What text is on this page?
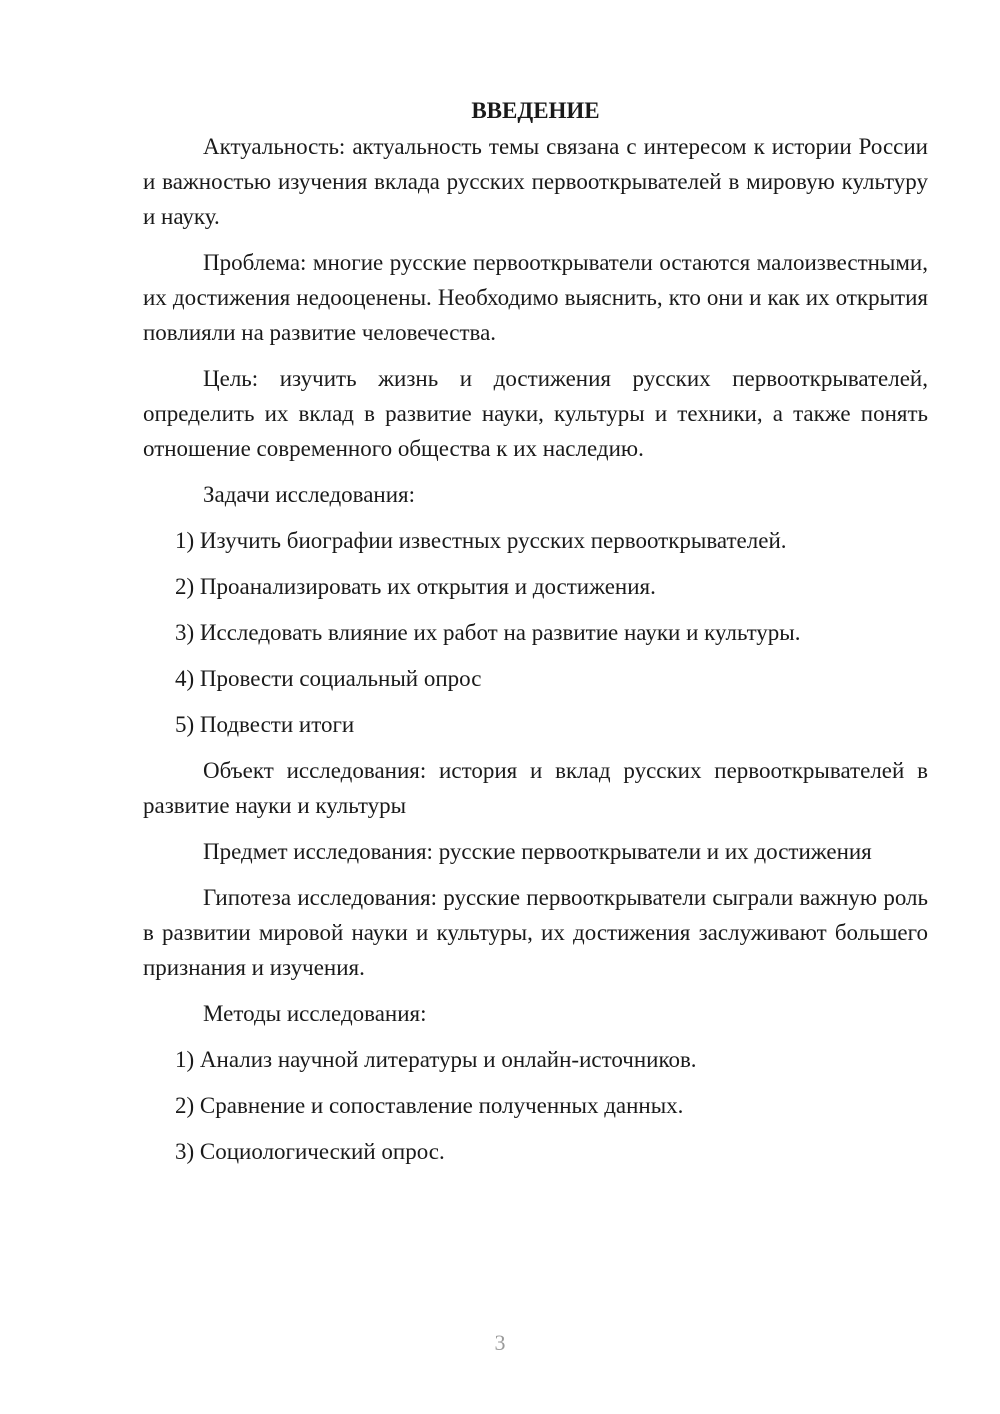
ВВЕДЕНИЕ
Актуальность: актуальность темы связана с интересом к истории России и важностью изучения вклада русских первооткрывателей в мировую культуру и науку.
Проблема: многие русские первооткрыватели остаются малоизвестными, их достижения недооценены. Необходимо выяснить, кто они и как их открытия повлияли на развитие человечества.
Цель: изучить жизнь и достижения русских первооткрывателей, определить их вклад в развитие науки, культуры и техники, а также понять отношение современного общества к их наследию.
Задачи исследования:
1) Изучить биографии известных русских первооткрывателей.
2) Проанализировать их открытия и достижения.
3) Исследовать влияние их работ на развитие науки и культуры.
4) Провести социальный опрос
5) Подвести итоги
Объект исследования: история и вклад русских первооткрывателей в развитие науки и культуры
Предмет исследования: русские первооткрыватели и их достижения
Гипотеза исследования: русские первооткрыватели сыграли важную роль в развитии мировой науки и культуры, их достижения заслуживают большего признания и изучения.
Методы исследования:
1) Анализ научной литературы и онлайн-источников.
2) Сравнение и сопоставление полученных данных.
3) Социологический опрос.
3
